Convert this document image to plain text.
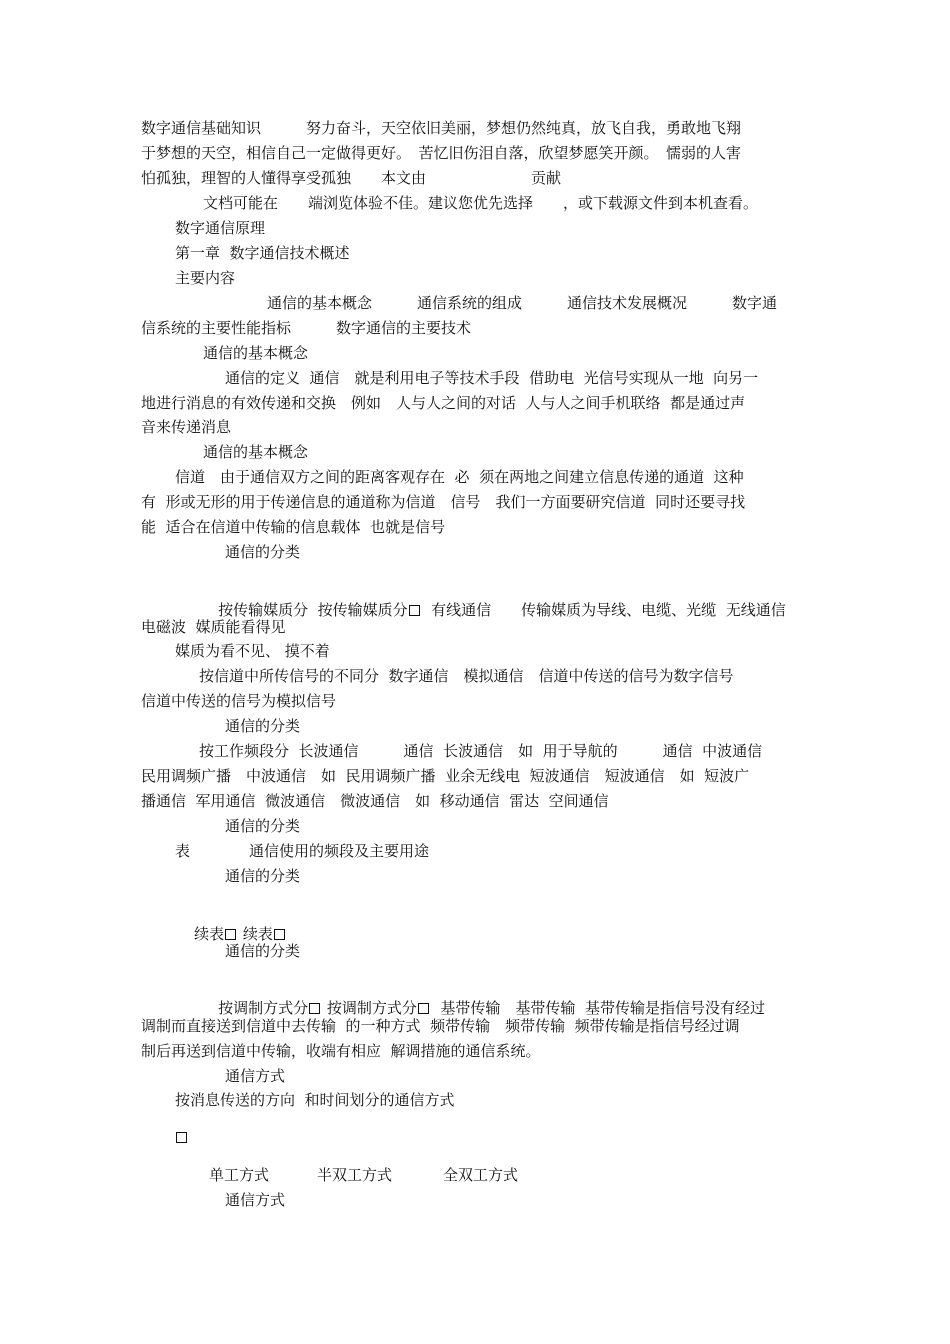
数字通信基础知识　　　努力奋斗，天空依旧美丽，梦想仍然纯真，放飞自我，勇敢地飞翔
于梦想的天空，相信自己一定做得更好。　苦忆旧伤泪自落，欣望梦愿笑开颜。　懦弱的人害
怕孤独，理智的人懂得享受孤独　　本文由　　　　　　　贡献
文档可能在　　端浏览体验不佳。建议您优先选择　　，或下载源文件到本机查看。
数字通信原理
第一章  数字通信技术概述
主要内容
通信的基本概念　　　通信系统的组成　　　通信技术发展概况　　　数字通
信系统的主要性能指标　　　数字通信的主要技术
通信的基本概念
通信的定义  通信　就是利用电子等技术手段  借助电  光信号实现从一地  向另一
地进行消息的有效传递和交换　例如　人与人之间的对话  人与人之间手机联络  都是通过声
音来传递消息
通信的基本概念
信道　由于通信双方之间的距离客观存在  必  须在两地之间建立信息传递的通道  这种
有  形或无形的用于传递信息的通道称为信道　信号　我们一方面要研究信道  同时还要寻找
能  适合在信道中传输的信息载体  也就是信号
通信的分类

按传输媒质分  按传输媒质分  有线通信　　传输媒质为导线、电缆、光缆  无线通信

电磁波  媒质能看得见
媒质为看不见、 摸不着
按信道中所传信号的不同分  数字通信　模拟通信　信道中传送的信号为数字信号
信道中传送的信号为模拟信号
通信的分类
按工作频段分  长波通信　　　通信  长波通信　如  用于导航的　　　通信  中波通信
民用调频广播　中波通信　如  民用调频广播  业余无线电  短波通信　短波通信　如  短波广
播通信  军用通信  微波通信　微波通信　如  移动通信  雷达  空间通信
通信的分类
表	通信使用的频段及主要用途
通信的分类

续表 续表

通信的分类

按调制方式分 按调制方式分  基带传输　基带传输  基带传输是指信号没有经过

调制而直接送到信道中去传输  的一种方式  频带传输　频带传输  频带传输是指信号经过调
制后再送到信道中传输，收端有相应  解调措施的通信系统。
通信方式
按消息传送的方向  和时间划分的通信方式
单工方式	半双工方式	全双工方式
通信方式
